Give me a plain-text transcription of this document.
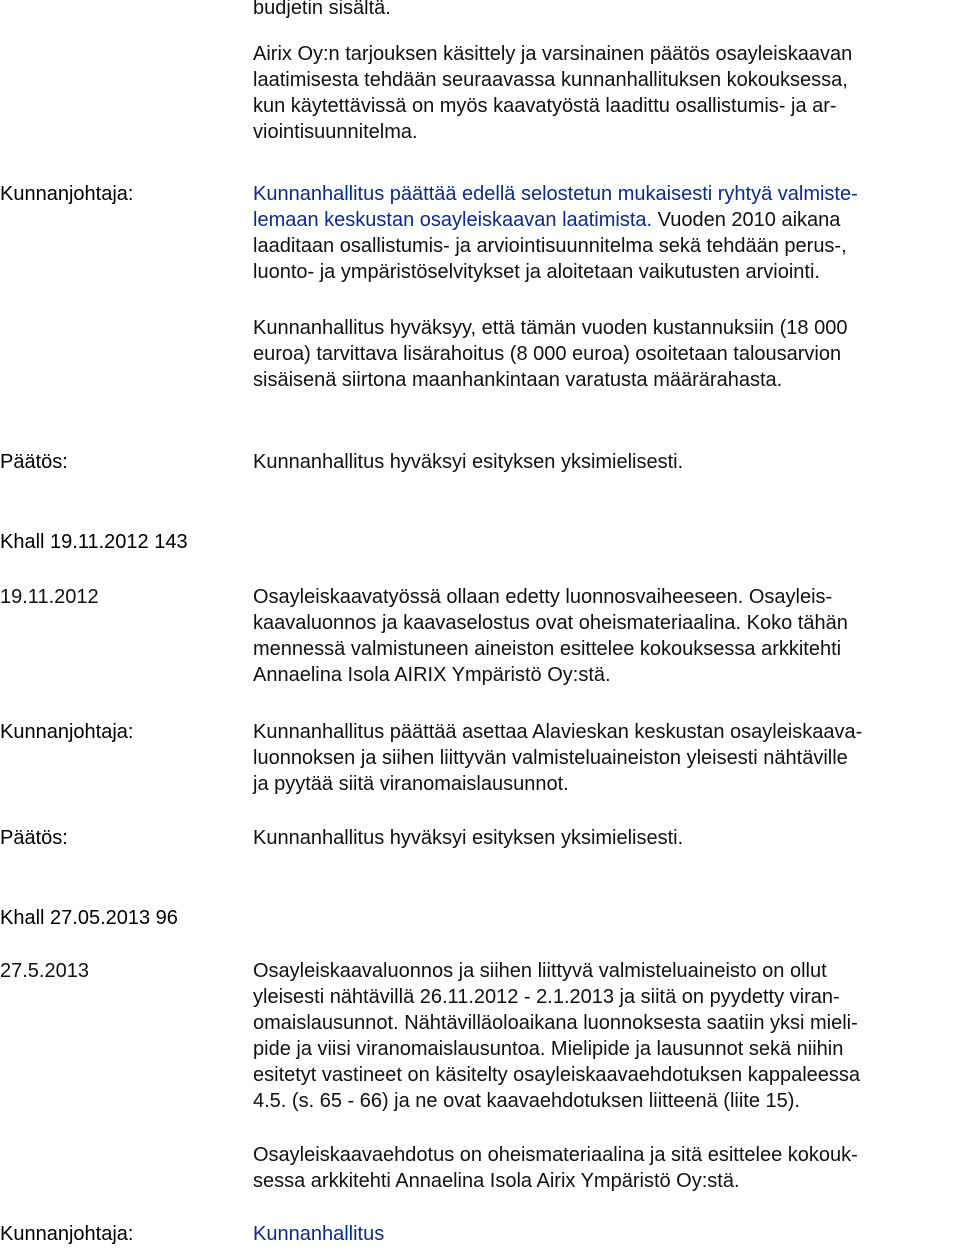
budjetin sisältä.
Airix Oy:n tarjouksen käsittely ja varsinainen päätös osayleiskaavan
laatimisesta tehdään seuraavassa kunnanhallituksen kokouksessa,
kun käytettävissä on myös kaavatyöstä laadittu osallistumis- ja ar-
viointisuunnitelma.
Kunnanjohtaja:	Kunnanhallitus päättää edellä selostetun mukaisesti ryhtyä valmiste-
lemaan keskustan osayleiskaavan laatimista. Vuoden 2010 aikana
laaditaan osallistumis- ja arviointisuunnitelma sekä tehdään perus-,
luonto- ja ympäristöselvitykset ja aloitetaan vaikutusten arviointi.
Kunnanhallitus hyväksyy, että tämän vuoden kustannuksiin (18 000
euroa) tarvittava lisärahoitus (8 000 euroa) osoitetaan talousarvion
sisäisenä siirtona maanhankintaan varatusta määrärahasta.
Päätös:	Kunnanhallitus hyväksyi esityksen yksimielisesti.
Khall 19.11.2012 143
19.11.2012	Osayleiskaavatyössä ollaan edetty luonnosvaiheeseen. Osayleis-
kaavaluonnos ja kaavaselostus ovat oheismateriaalina. Koko tähän
mennessä valmistuneen aineiston esittelee kokouksessa arkkitehti
Annaelina Isola AIRIX Ympäristö Oy:stä.
Kunnanjohtaja:	Kunnanhallitus päättää asettaa Alavieskan keskustan osayleiskaava-
luonnoksen ja siihen liittyvän valmisteluaineiston yleisesti nähtäville
ja pyytää siitä viranomaislausunnot.
Päätös:	Kunnanhallitus hyväksyi esityksen yksimielisesti.
Khall 27.05.2013 96
27.5.2013	Osayleiskaavaluonnos ja siihen liittyvä valmisteluaineisto on ollut
yleisesti nähtävillä 26.11.2012 - 2.1.2013 ja siitä on pyydetty viran-
omaislausunnot. Nähtävilläoloaikana luonnoksesta saatiin yksi mieli-
pide ja viisi viranomaislausuntoa. Mielipide ja lausunnot sekä niihin
esitetyt vastineet on käsitelty osayleiskaavaehdotuksen kappaleessa
4.5. (s. 65 - 66) ja ne ovat kaavaehdotuksen liitteenä (liite 15).
Osayleiskaavaehdotus on oheismateriaalina ja sitä esittelee kokouk-
sessa arkkitehti Annaelina Isola Airix Ympäristö Oy:stä.
Kunnanjohtaja:	Kunnanhallitus
